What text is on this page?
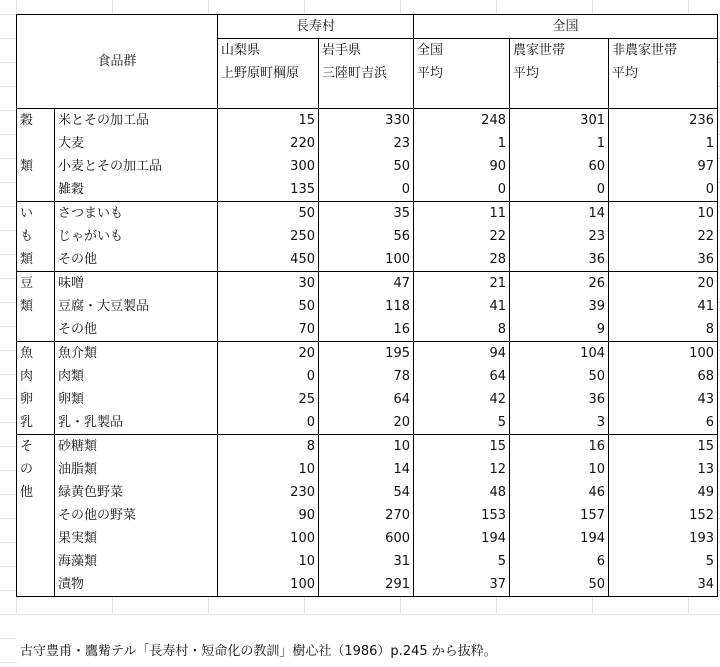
食品群		長寿村		全国		
		山梨県	岩手県	全国	農家世帯	非農家世帯
		上野原町棡原	三陸町吉浜	平均	平均	平均

穀	米とその加工品	15	330	248	301	236
	大麦	220	23	1	1	1
類	小麦とその加工品	300	50	90	60	97
	雑穀	135	0	0	0	0
い	さつまいも	50	35	11	14	10
も	じゃがいも	250	56	22	23	22
類	その他	450	100	28	36	36
豆	味噌	30	47	21	26	20
類	豆腐・大豆製品	50	118	41	39	41
	その他	70	16	8	9	8
魚	魚介類	20	195	94	104	100
肉	肉類	0	78	64	50	68
卵	卵類	25	64	42	36	43
乳	乳・乳製品	0	20	5	3	6
そ	砂糖類	8	10	15	16	15
の	油脂類	10	14	12	10	13
他	緑黄色野菜	230	54	48	46	49
	その他の野菜	90	270	153	157	152
	果実類	100	600	194	194	193
	海藻類	10	31	5	6	5
	漬物	100	291	37	50	34
古守豊甫・鷹觜テル「長寿村・短命化の教訓」樹心社（1986）p.245 から抜粋。
